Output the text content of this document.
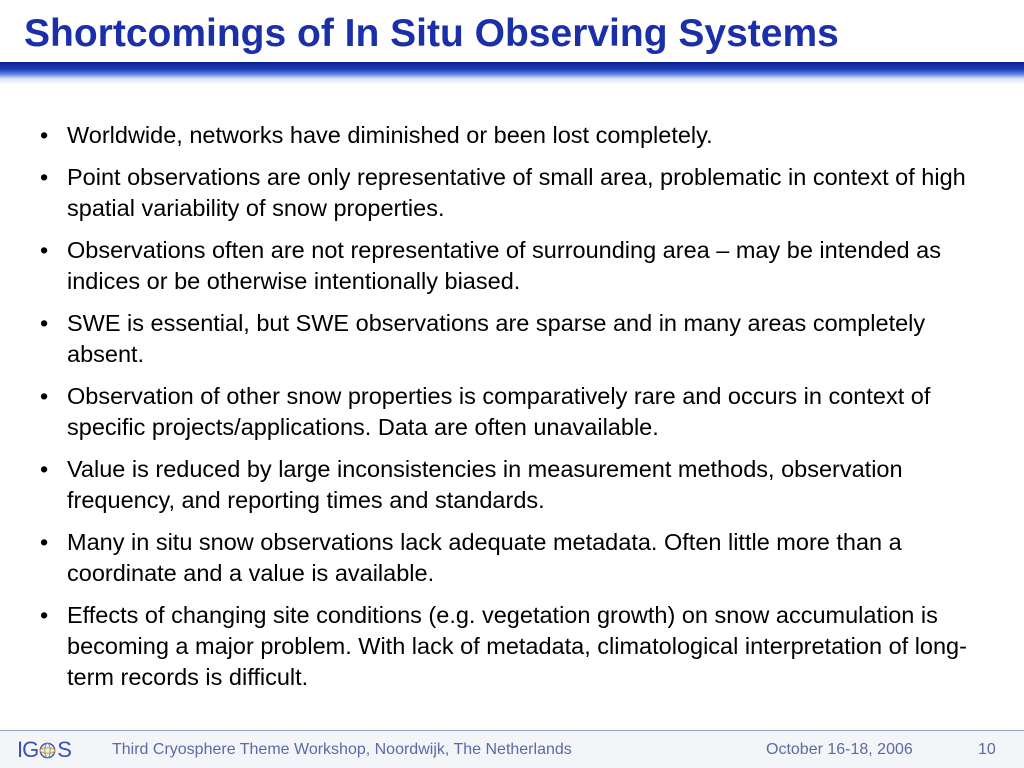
Shortcomings of In Situ Observing Systems
• Worldwide, networks have diminished or been lost completely.
• Point observations are only representative of small area, problematic in context of high spatial variability of snow properties.
• Observations often are not representative of surrounding area – may be intended as indices or be otherwise intentionally biased.
• SWE is essential, but SWE observations are sparse and in many areas completely absent.
• Observation of other snow properties is comparatively rare and occurs in context of specific projects/applications. Data are often unavailable.
• Value is reduced by large inconsistencies in measurement methods, observation frequency, and reporting times and standards.
• Many in situ snow observations lack adequate metadata. Often little more than a coordinate and a value is available.
• Effects of changing site conditions (e.g. vegetation growth) on snow accumulation is becoming a major problem. With lack of metadata, climatological interpretation of long-term records is difficult.
IG S	Third Cryosphere Theme Workshop, Noordwijk, The Netherlands	October 16-18, 2006	10
